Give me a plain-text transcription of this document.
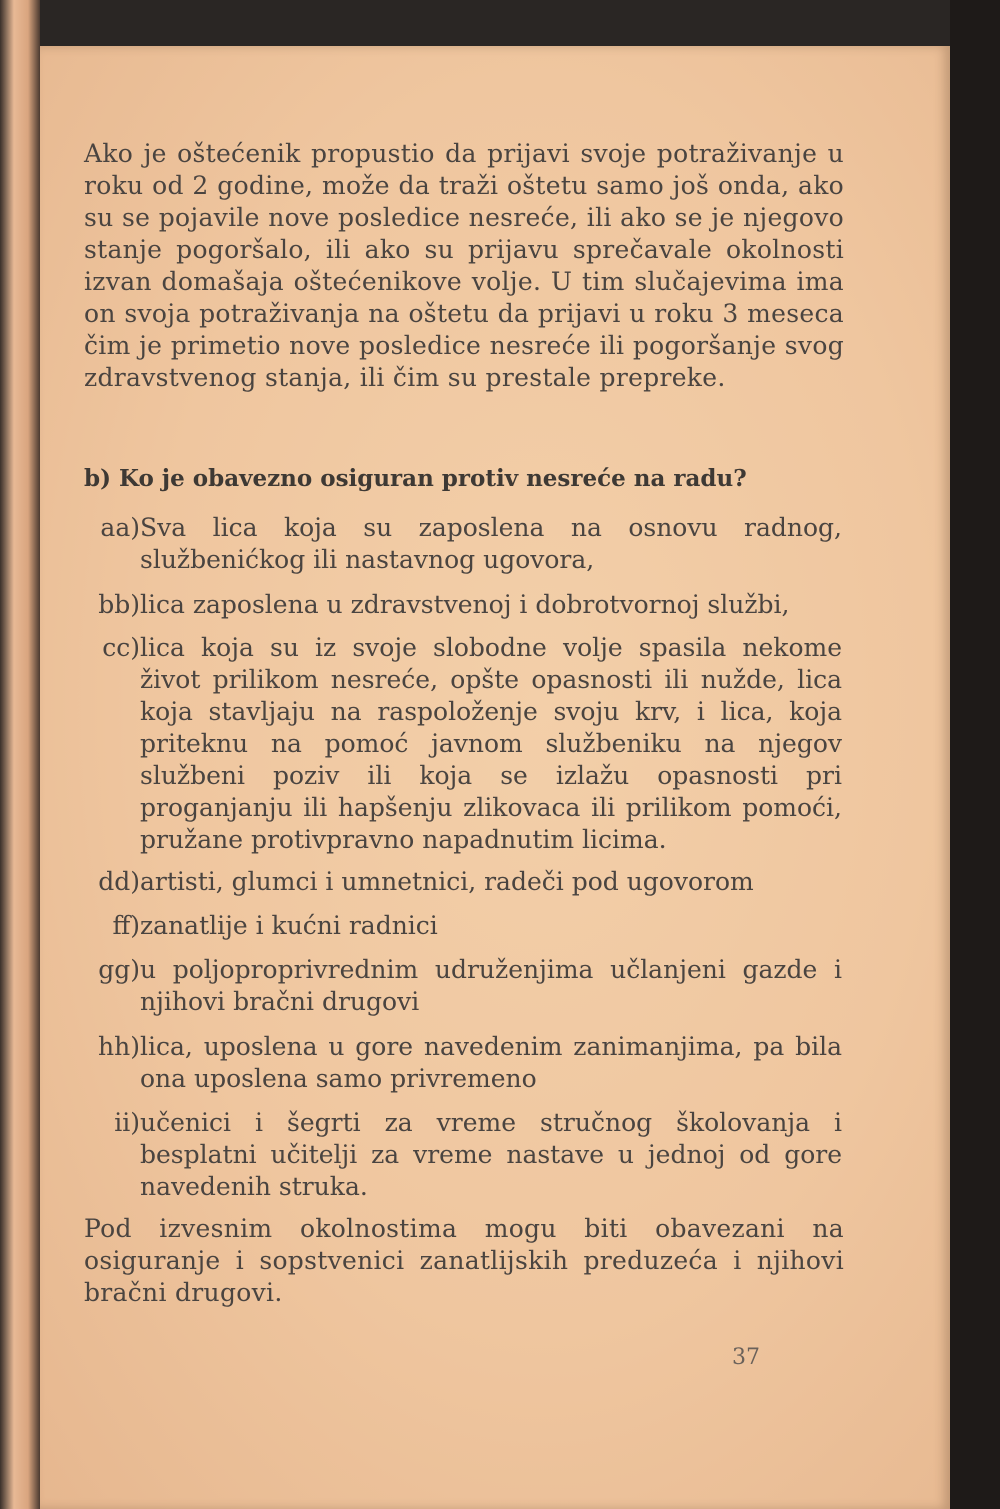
Ako je oštećenik propustio da prijavi svoje potraživanje u roku od 2 godine, može da traži oštetu samo još onda, ako su se pojavile nove posledice nesreće, ili ako se je njegovo stanje pogoršalo, ili ako su prijavu sprečavale okolnosti izvan domašaja oštećenikove volje. U tim slučajevima ima on svoja potraživanja na oštetu da prijavi u roku 3 meseca čim je primetio nove posledice nesreće ili pogoršanje svog zdravstvenog stanja, ili čim su prestale prepreke.

b) Ko je obavezno osiguran protiv nesreće na radu?
aa) Sva lica koja su zaposlena na osnovu radnog, službenićkog ili nastavnog ugovora,
bb) lica zaposlena u zdravstvenoj i dobrotvornoj službi,
cc) lica koja su iz svoje slobodne volje spasila nekome život prilikom nesreće, opšte opasnosti ili nužde, lica koja stavljaju na raspoloženje svoju krv, i lica, koja priteknu na pomoć javnom službeniku na njegov službeni poziv ili koja se izlažu opasnosti pri proganjanju ili hapšenju zlikovaca ili prilikom pomoći, pružane protivpravno napadnutim licima.
dd) artisti, glumci i umnetnici, radeči pod ugovorom
ff) zanatlije i kućni radnici
gg) u poljoproprivrednim udruženjima učlanjeni gazde i njihovi bračni drugovi
hh) lica, uposlena u gore navedenim zanimanjima, pa bila ona uposlena samo privremeno
ii) učenici i šegrti za vreme stručnog školovanja i besplatni učitelji za vreme nastave u jednoj od gore navedenih struka.

Pod izvesnim okolnostima mogu biti obavezani na osiguranje i sopstvenici zanatlijskih preduzeća i njihovi bračni drugovi.

37
